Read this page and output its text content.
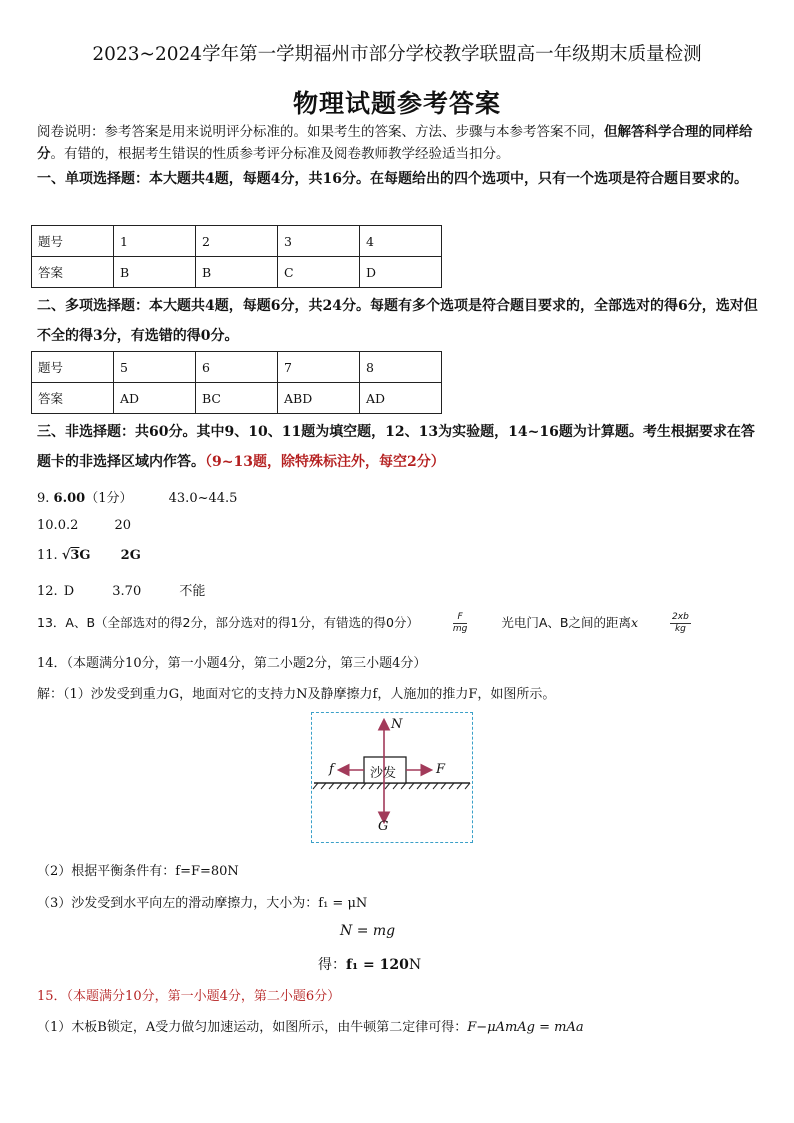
2023~2024学年第一学期福州市部分学校教学联盟高一年级期末质量检测
物理试题参考答案
阅卷说明：参考答案是用来说明评分标准的。如果考生的答案、方法、步骤与本参考答案不同，但解答科学合理的同样给分。有错的，根据考生错误的性质参考评分标准及阅卷教师教学经验适当扣分。
一、单项选择题：本大题共4题，每题4分，共16分。在每题给出的四个选项中，只有一个选项是符合题目要求的。
题号	1	2	3	4
答案	B	B	C	D
二、多项选择题：本大题共4题，每题6分，共24分。每题有多个选项是符合题目要求的，全部选对的得6分，选对但不全的得3分，有选错的得0分。
题号	5	6	7	8
答案	AD	BC	ABD	AD
三、非选择题：共60分。其中9、10、11题为填空题，12、13为实验题，14~16题为计算题。考生根据要求在答题卡的非选择区域内作答。（9~13题，除特殊标注外，每空2分）
9. 6.00（1分）	43.0~44.5
10.0.2	20
11. √3G 2G
12. D	3.70	不能
13．A、B（全部选对的得2分，部分选对的得1分，有错选的得0分）	$\frac{F}{mg}$	光电门A、B之间的距离x	$\frac{2xb}{kg}$
14．（本题满分10分，第一小题4分，第二小题2分，第三小题4分）
解：（1）沙发受到重力G，地面对它的支持力N及静摩擦力f，人施加的推力F，如图所示。
N
f	沙发	F
G
（2）根据平衡条件有：f=F=80N
（3）沙发受到水平向左的滑动摩擦力，大小为：f₁ = μN
N = mg
得：f₁ = 120N
15．（本题满分10分，第一小题4分，第二小题6分）
（1）木板B锁定，A受力做匀加速运动，如图所示，由牛顿第二定律可得：F−μAmAg = mAa
